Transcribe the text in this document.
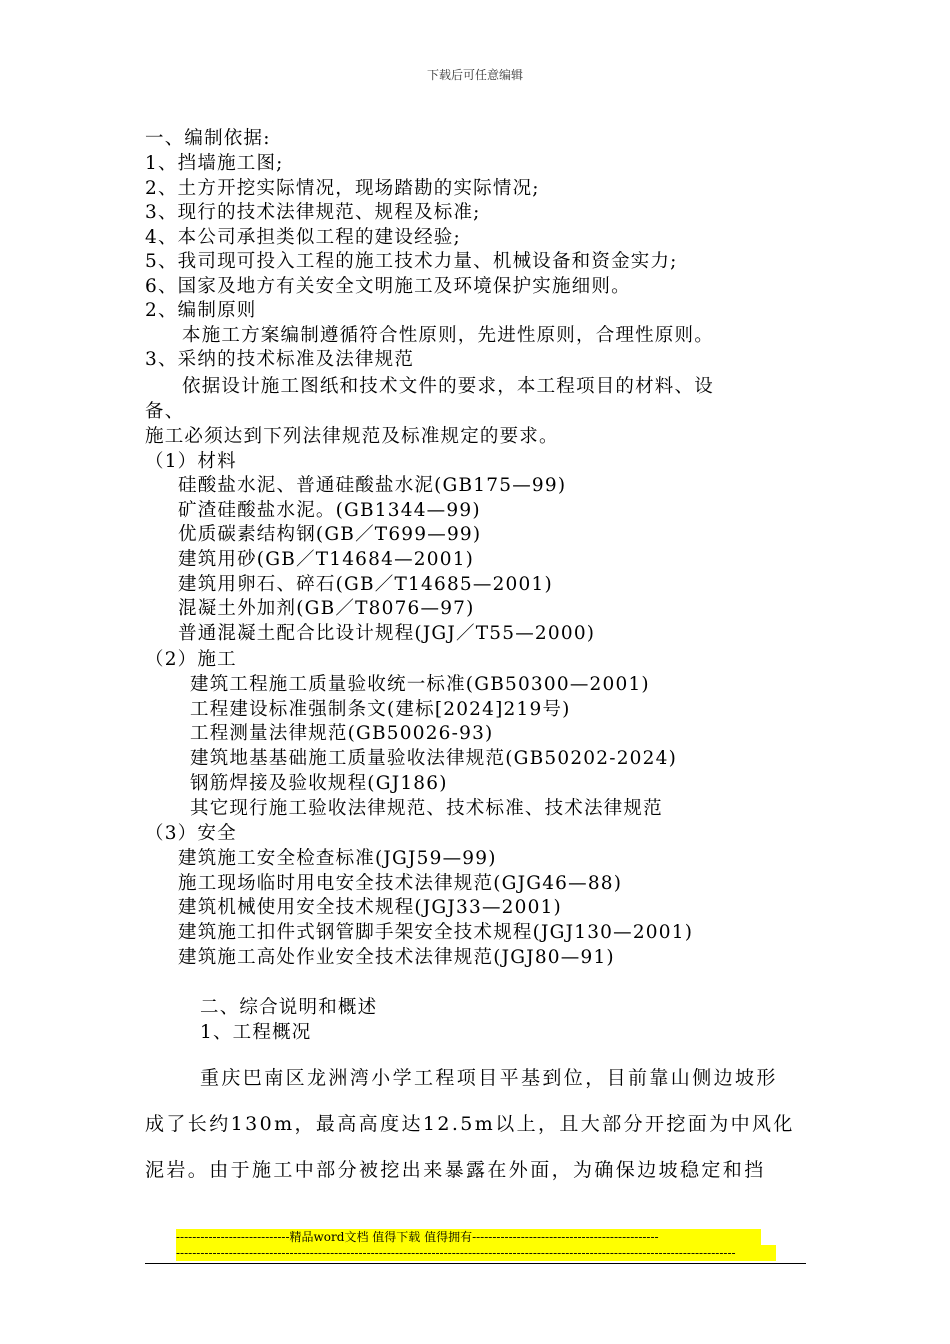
下载后可任意编辑
一、编制依据:
1、挡墙施工图;
2、土方开挖实际情况，现场踏勘的实际情况;
3、现行的技术法律规范、规程及标准;
4、本公司承担类似工程的建设经验;
5、我司现可投入工程的施工技术力量、机械设备和资金实力;
6、国家及地方有关安全文明施工及环境保护实施细则。
2、编制原则
本施工方案编制遵循符合性原则，先进性原则，合理性原则。
3、采纳的技术标准及法律规范
依据设计施工图纸和技术文件的要求，本工程项目的材料、设
备、
施工必须达到下列法律规范及标准规定的要求。
（1）材料
硅酸盐水泥、普通硅酸盐水泥(GB175—99)
矿渣硅酸盐水泥。(GB1344—99)
优质碳素结构钢(GB／T699—99)
建筑用砂(GB／T14684—2001)
建筑用卵石、碎石(GB／T14685—2001)
混凝土外加剂(GB／T8076—97)
普通混凝土配合比设计规程(JGJ／T55—2000)
（2）施工
建筑工程施工质量验收统一标准(GB50300—2001)
工程建设标准强制条文(建标[2024]219号)
工程测量法律规范(GB50026-93)
建筑地基基础施工质量验收法律规范(GB50202-2024)
钢筋焊接及验收规程(GJ186)
其它现行施工验收法律规范、技术标准、技术法律规范
（3）安全
建筑施工安全检查标准(JGJ59—99)
施工现场临时用电安全技术法律规范(GJG46—88)
建筑机械使用安全技术规程(JGJ33—2001)
建筑施工扣件式钢管脚手架安全技术规程(JGJ130—2001)
建筑施工高处作业安全技术法律规范(JGJ80—91)
二、综合说明和概述
1、工程概况
重庆巴南区龙洲湾小学工程项目平基到位，目前靠山侧边坡形
成了长约130m，最高高度达12.5m以上，且大部分开挖面为中风化
泥岩。由于施工中部分被挖出来暴露在外面，为确保边坡稳定和挡
----------------------------精品word文档 值得下载 值得拥有----------------------------------------------
------------------------------------------------------------------------------------------------------------------------------------------
